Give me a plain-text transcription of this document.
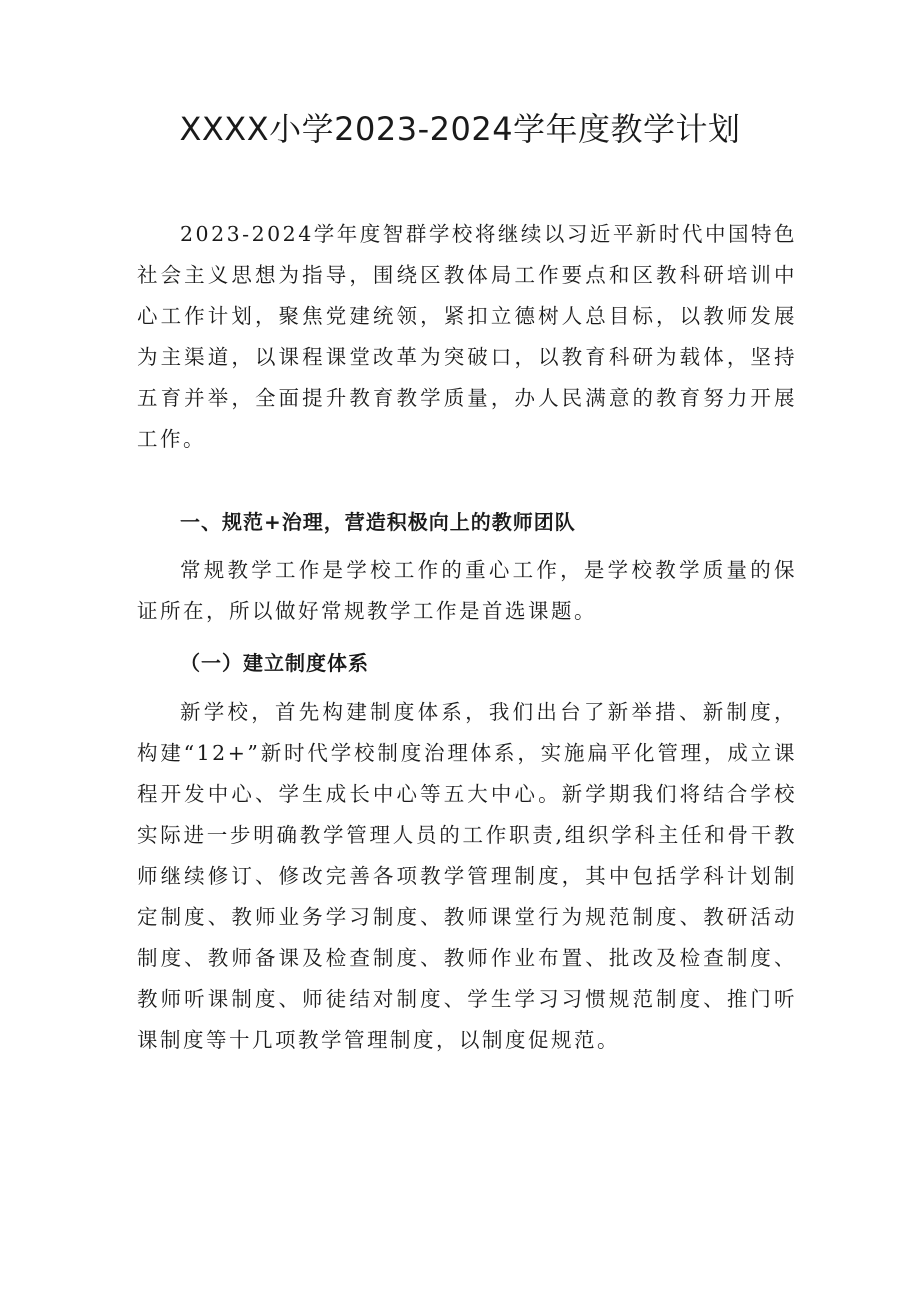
XXXX小学2023-2024学年度教学计划

2023-2024学年度智群学校将继续以习近平新时代中国特色社会主义思想为指导，围绕区教体局工作要点和区教科研培训中心工作计划，聚焦党建统领，紧扣立德树人总目标，以教师发展为主渠道，以课程课堂改革为突破口，以教育科研为载体，坚持五育并举，全面提升教育教学质量，办人民满意的教育努力开展工作。

一、规范+治理，营造积极向上的教师团队

常规教学工作是学校工作的重心工作，是学校教学质量的保证所在，所以做好常规教学工作是首选课题。

（一）建立制度体系

新学校，首先构建制度体系，我们出台了新举措、新制度，构建“12+”新时代学校制度治理体系，实施扁平化管理，成立课程开发中心、学生成长中心等五大中心。新学期我们将结合学校实际进一步明确教学管理人员的工作职责,组织学科主任和骨干教师继续修订、修改完善各项教学管理制度，其中包括学科计划制定制度、教师业务学习制度、教师课堂行为规范制度、教研活动制度、教师备课及检查制度、教师作业布置、批改及检查制度、教师听课制度、师徒结对制度、学生学习习惯规范制度、推门听课制度等十几项教学管理制度，以制度促规范。
